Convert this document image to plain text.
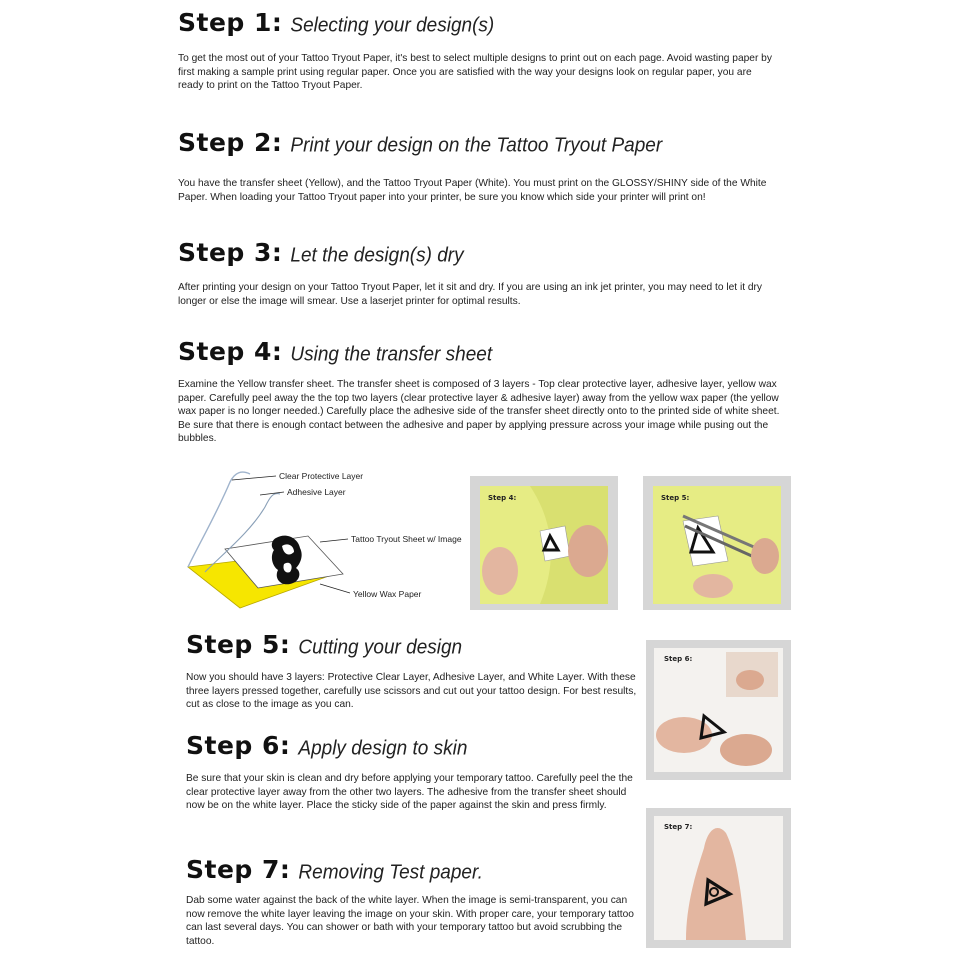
Step 1: Selecting your design(s)

To get the most out of your Tattoo Tryout Paper, it's best to select multiple designs to print out on each page. Avoid wasting paper by first making a sample print using regular paper. Once you are satisfied with the way your designs look on regular paper, you are ready to print on the Tattoo Tryout Paper.

Step 2: Print your design on the Tattoo Tryout Paper

You have the transfer sheet (Yellow), and the Tattoo Tryout Paper (White). You must print on the GLOSSY/SHINY side of the White Paper. When loading your Tattoo Tryout paper into your printer, be sure you know which side your printer will print on!

Step 3: Let the design(s) dry

After printing your design on your Tattoo Tryout Paper, let it sit and dry. If you are using an ink jet printer, you may need to let it dry longer or else the image will smear. Use a laserjet printer for optimal results.

Step 4: Using the transfer sheet

Examine the Yellow transfer sheet. The transfer sheet is composed of 3 layers - Top clear protective layer, adhesive layer, yellow wax paper. Carefully peel away the the top two layers (clear protective layer & adhesive layer) away from the yellow wax paper (the yellow wax paper is no longer needed.) Carefully place the adhesive side of the transfer sheet directly onto to the printed side of white sheet. Be sure that there is enough contact between the adhesive and paper by applying pressure across your image while pusing out the bubbles.

Clear Protective Layer
Adhesive Layer
Tattoo Tryout Sheet w/ Image
Yellow Wax Paper
Step 4:	Step 5:
Step 5: Cutting your design

Now you should have 3 layers: Protective Clear Layer, Adhesive Layer, and White Layer. With these three layers pressed together, carefully use scissors and cut out your tattoo design. For best results, cut as close to the image as you can.

Step 6:
Step 6: Apply design to skin

Be sure that your skin is clean and dry before applying your temporary tattoo. Carefully peel the the clear protective layer away from the other two layers. The adhesive from the transfer sheet should now be on the white layer. Place the sticky side of the paper against the skin and press firmly.

Step 7:
Step 7: Removing Test paper.

Dab some water against the back of the white layer. When the image is semi-transparent, you can now remove the white layer leaving the image on your skin. With proper care, your temporary tattoo can last several days. You can shower or bath with your temporary tattoo but avoid scrubbing the tattoo.
